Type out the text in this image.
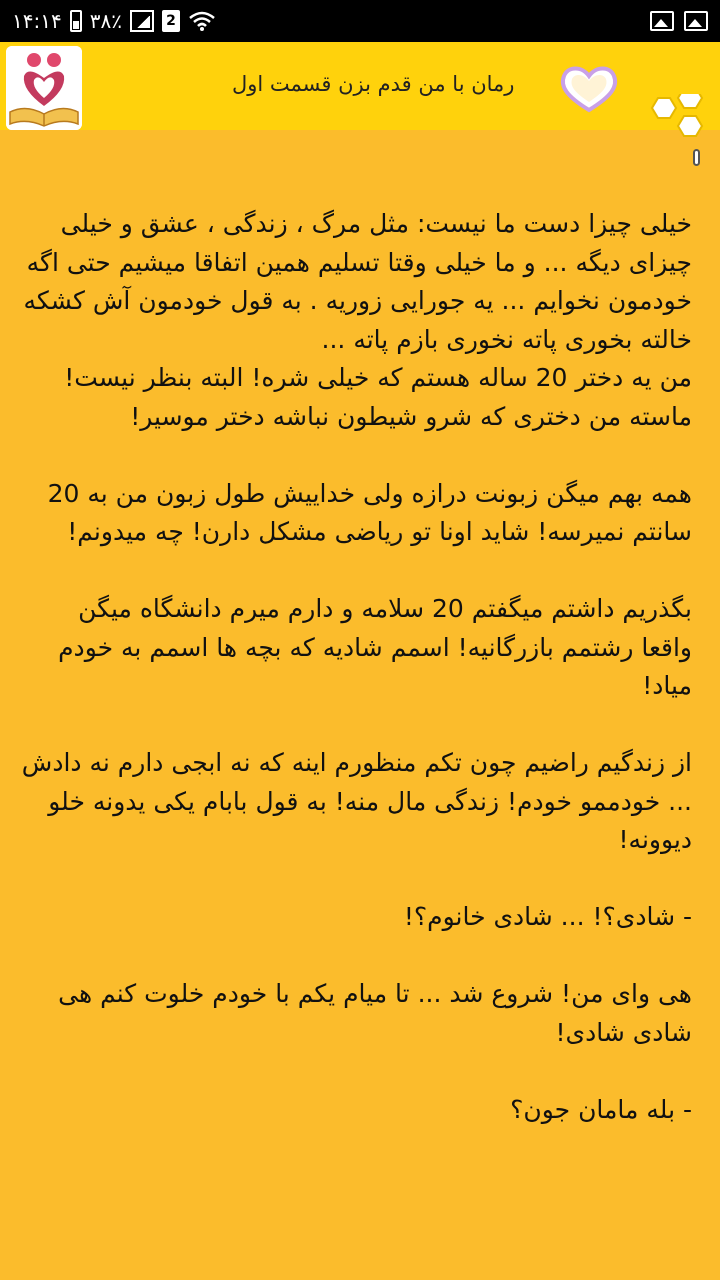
۱۴:۱۴ ۳۸٪	2
رمان با من قدم بزن قسمت اول
خیلی چیزا دست ما نیست: مثل مرگ ، زندگی ، عشق و خیلی چیزای دیگه ... و ما خیلی وقتا تسلیم همین اتفاقا میشیم حتی اگه خودمون نخوایم ... یه جورایی زوریه . به قول خودمون آش کشکه خالته بخوری پاته نخوری بازم پاته ...
من یه دختر 20 ساله هستم که خیلی شره! البته بنظر نیست! ماسته من دختری که شرو شیطون نباشه دختر موسیر!

همه بهم میگن زبونت درازه ولی خداییش طول زبون من به 20 سانتم نمیرسه! شاید اونا تو ریاضی مشکل دارن! چه میدونم!

بگذریم داشتم میگفتم 20 سلامه و دارم میرم دانشگاه میگن واقعا رشتمم بازرگانیه! اسمم شادیه که بچه ها اسمم به خودم میاد!

از زندگیم راضیم چون تکم منظورم اینه که نه ابجی دارم نه دادش ... خودممو خودم! زندگی مال منه! به قول بابام یکی یدونه خلو دیوونه!

- شادی؟! ... شادی خانوم؟!

هی وای من! شروع شد ... تا میام یکم با خودم خلوت کنم هی شادی شادی!

- بله مامان جون؟
